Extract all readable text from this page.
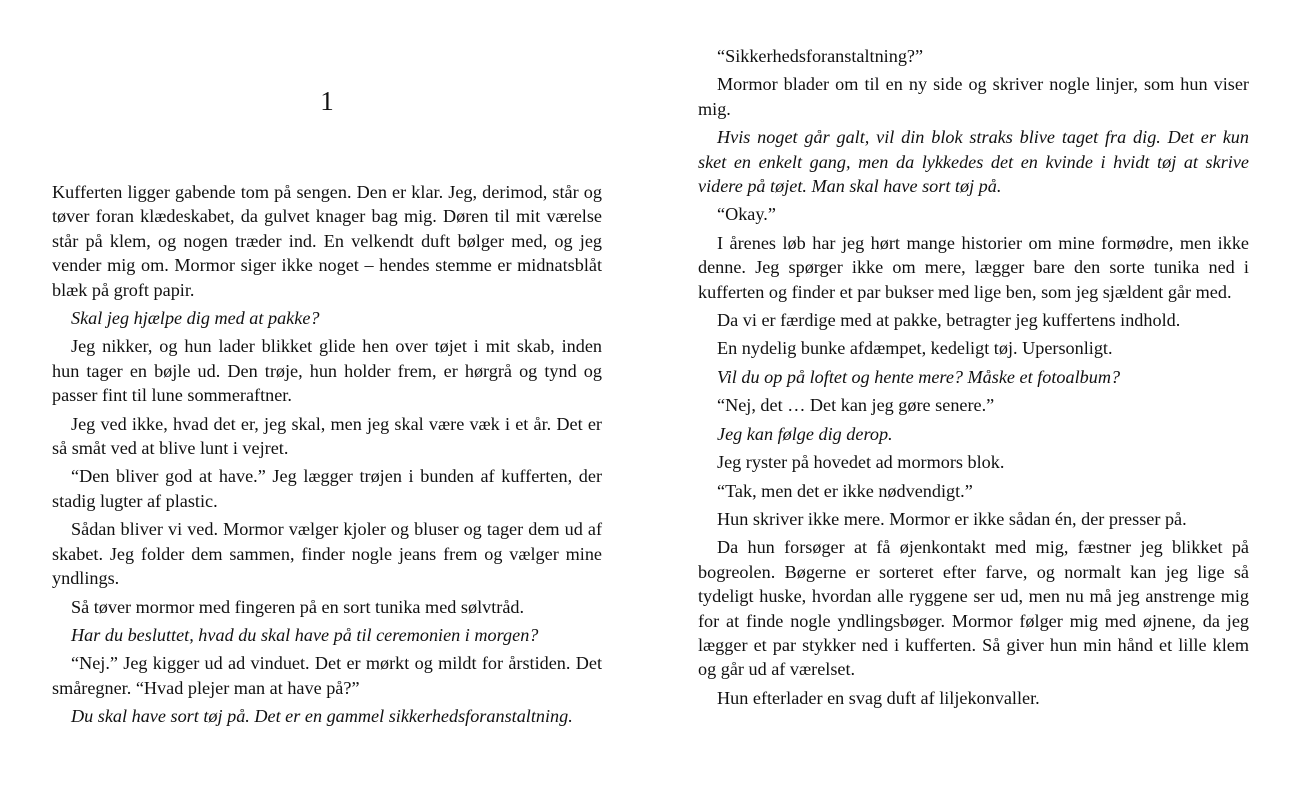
1

Kufferten ligger gabende tom på sengen. Den er klar. Jeg, derimod, står og tøver foran klædeskabet, da gulvet knager bag mig. Døren til mit værelse står på klem, og nogen træder ind. En velkendt duft bølger med, og jeg vender mig om. Mormor siger ikke noget – hendes stemme er midnatsblåt blæk på groft papir.

Skal jeg hjælpe dig med at pakke?

Jeg nikker, og hun lader blikket glide hen over tøjet i mit skab, inden hun tager en bøjle ud. Den trøje, hun holder frem, er hørgrå og tynd og passer fint til lune sommeraftner.

Jeg ved ikke, hvad det er, jeg skal, men jeg skal være væk i et år. Det er så småt ved at blive lunt i vejret.

“Den bliver god at have.” Jeg lægger trøjen i bunden af kufferten, der stadig lugter af plastic.

Sådan bliver vi ved. Mormor vælger kjoler og bluser og tager dem ud af skabet. Jeg folder dem sammen, finder nogle jeans frem og vælger mine yndlings.

Så tøver mormor med fingeren på en sort tunika med sølvtråd.

Har du besluttet, hvad du skal have på til ceremonien i morgen?

“Nej.” Jeg kigger ud ad vinduet. Det er mørkt og mildt for årstiden. Det småregner. “Hvad plejer man at have på?”

Du skal have sort tøj på. Det er en gammel sikkerhedsforanstaltning.

“Sikkerhedsforanstaltning?”

Mormor blader om til en ny side og skriver nogle linjer, som hun viser mig.

Hvis noget går galt, vil din blok straks blive taget fra dig. Det er kun sket en enkelt gang, men da lykkedes det en kvinde i hvidt tøj at skrive videre på tøjet. Man skal have sort tøj på.

“Okay.”

I årenes løb har jeg hørt mange historier om mine formødre, men ikke denne. Jeg spørger ikke om mere, lægger bare den sorte tunika ned i kufferten og finder et par bukser med lige ben, som jeg sjældent går med.

Da vi er færdige med at pakke, betragter jeg kuffertens indhold.

En nydelig bunke afdæmpet, kedeligt tøj. Upersonligt.

Vil du op på loftet og hente mere? Måske et fotoalbum?

“Nej, det … Det kan jeg gøre senere.”

Jeg kan følge dig derop.

Jeg ryster på hovedet ad mormors blok.

“Tak, men det er ikke nødvendigt.”

Hun skriver ikke mere. Mormor er ikke sådan én, der presser på.

Da hun forsøger at få øjenkontakt med mig, fæstner jeg blikket på bogreolen. Bøgerne er sorteret efter farve, og normalt kan jeg lige så tydeligt huske, hvordan alle ryggene ser ud, men nu må jeg anstrenge mig for at finde nogle yndlingsbøger. Mormor følger mig med øjnene, da jeg lægger et par stykker ned i kufferten. Så giver hun min hånd et lille klem og går ud af værelset.

Hun efterlader en svag duft af liljekonvaller.
